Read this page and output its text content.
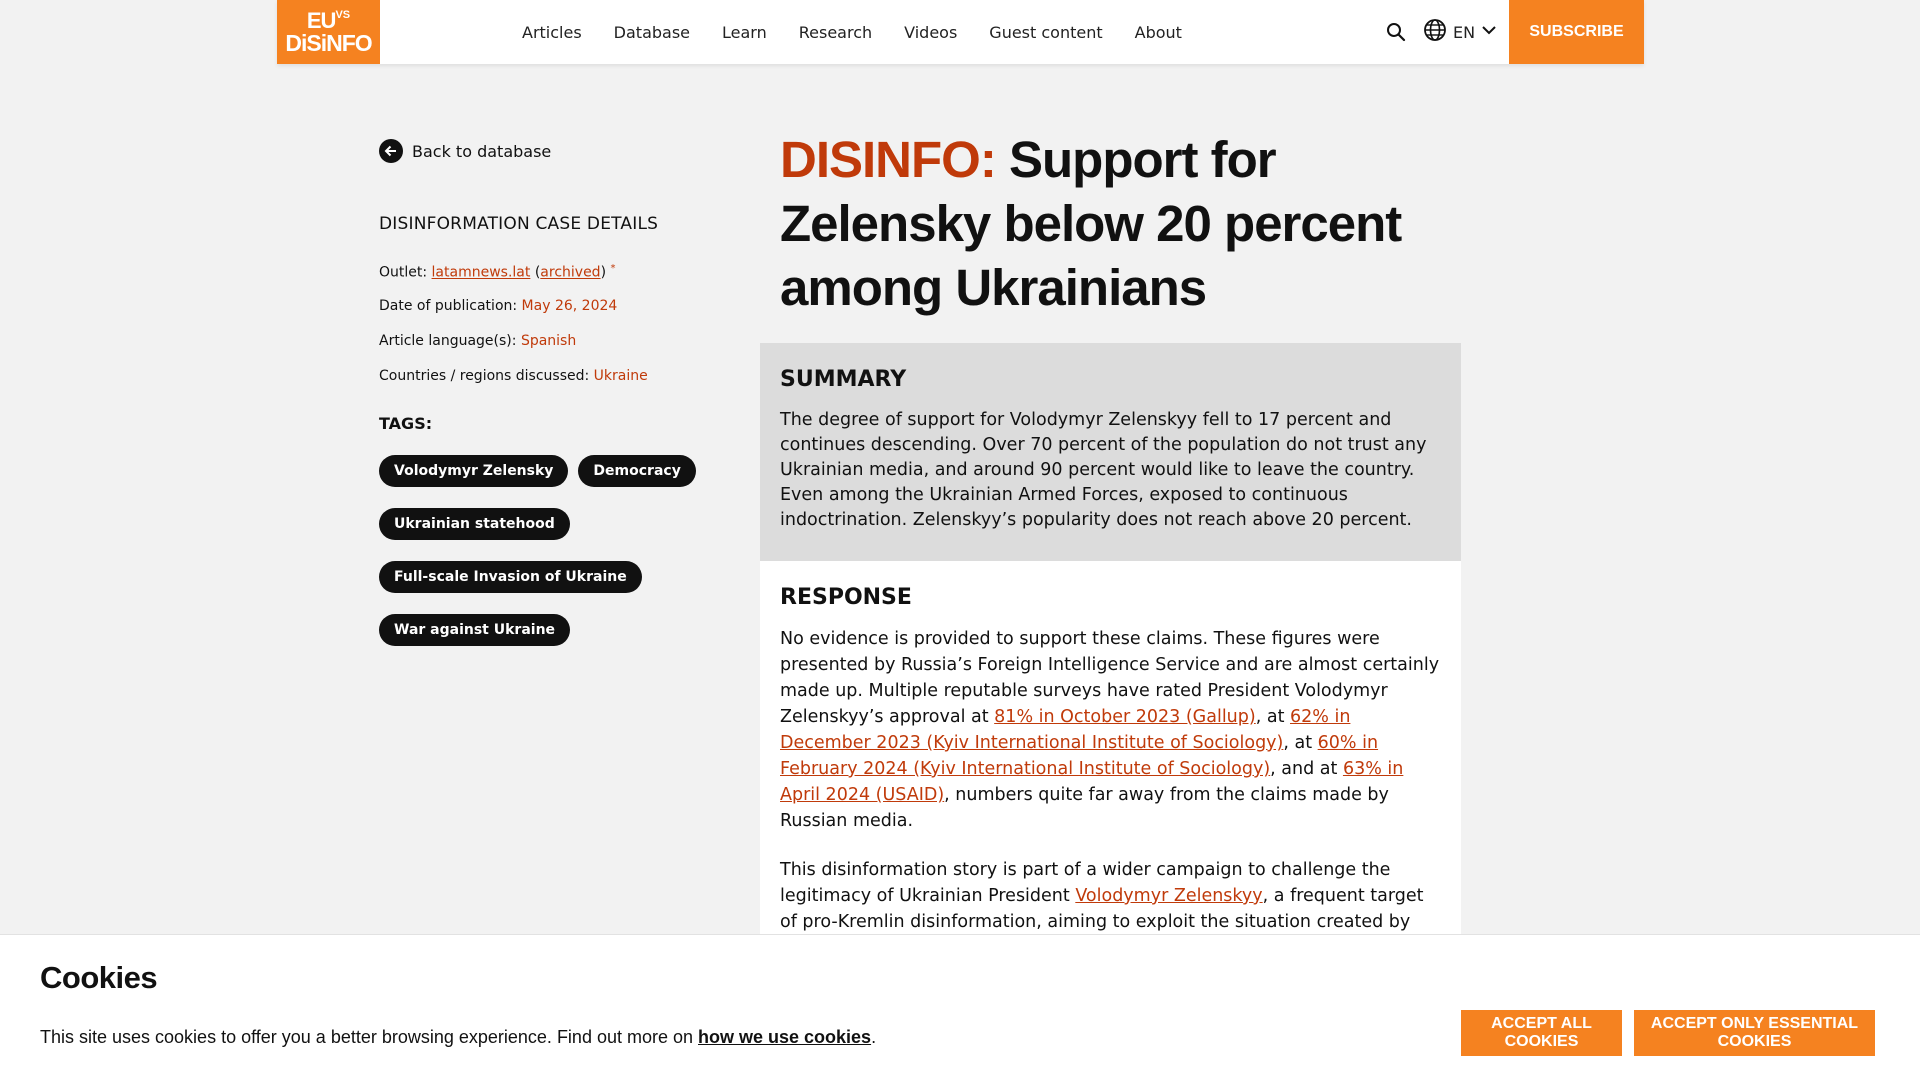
$EU^{VS}$
DiSiNFO	Articles Database Learn Research Videos Guest content About	EN	SUBSCRIBE
Back to database
DISINFORMATION CASE DETAILS
Outlet: latamnews.lat (archived) *
Date of publication: May 26, 2024
Article language(s): Spanish
Countries / regions discussed: Ukraine
TAGS:
Volodymyr Zelensky	Democracy
Ukrainian statehood
Full-scale Invasion of Ukraine
War against Ukraine
DISINFO: Support for Zelensky below 20 percent among Ukrainians
SUMMARY

The degree of support for Volodymyr Zelenskyy fell to 17 percent and continues descending. Over 70 percent of the population do not trust any Ukrainian media, and around 90 percent would like to leave the country. Even among the Ukrainian Armed Forces, exposed to continuous indoctrination. Zelenskyy’s popularity does not reach above 20 percent.

RESPONSE

No evidence is provided to support these claims. These figures were presented by Russia’s Foreign Intelligence Service and are almost certainly made up. Multiple reputable surveys have rated President Volodymyr Zelenskyy’s approval at 81% in October 2023 (Gallup), at 62% in December 2023 (Kyiv International Institute of Sociology), at 60% in February 2024 (Kyiv International Institute of Sociology), and at 63% in April 2024 (USAID), numbers quite far away from the claims made by Russian media.

This disinformation story is part of a wider campaign to challenge the legitimacy of Ukrainian President Volodymyr Zelenskyy, a frequent target of pro-Kremlin disinformation, aiming to exploit the situation created by

Cookies
This site uses cookies to offer you a better browsing experience. Find out more on how we use cookies.
ACCEPT ALL COOKIES
ACCEPT ONLY ESSENTIAL COOKIES
